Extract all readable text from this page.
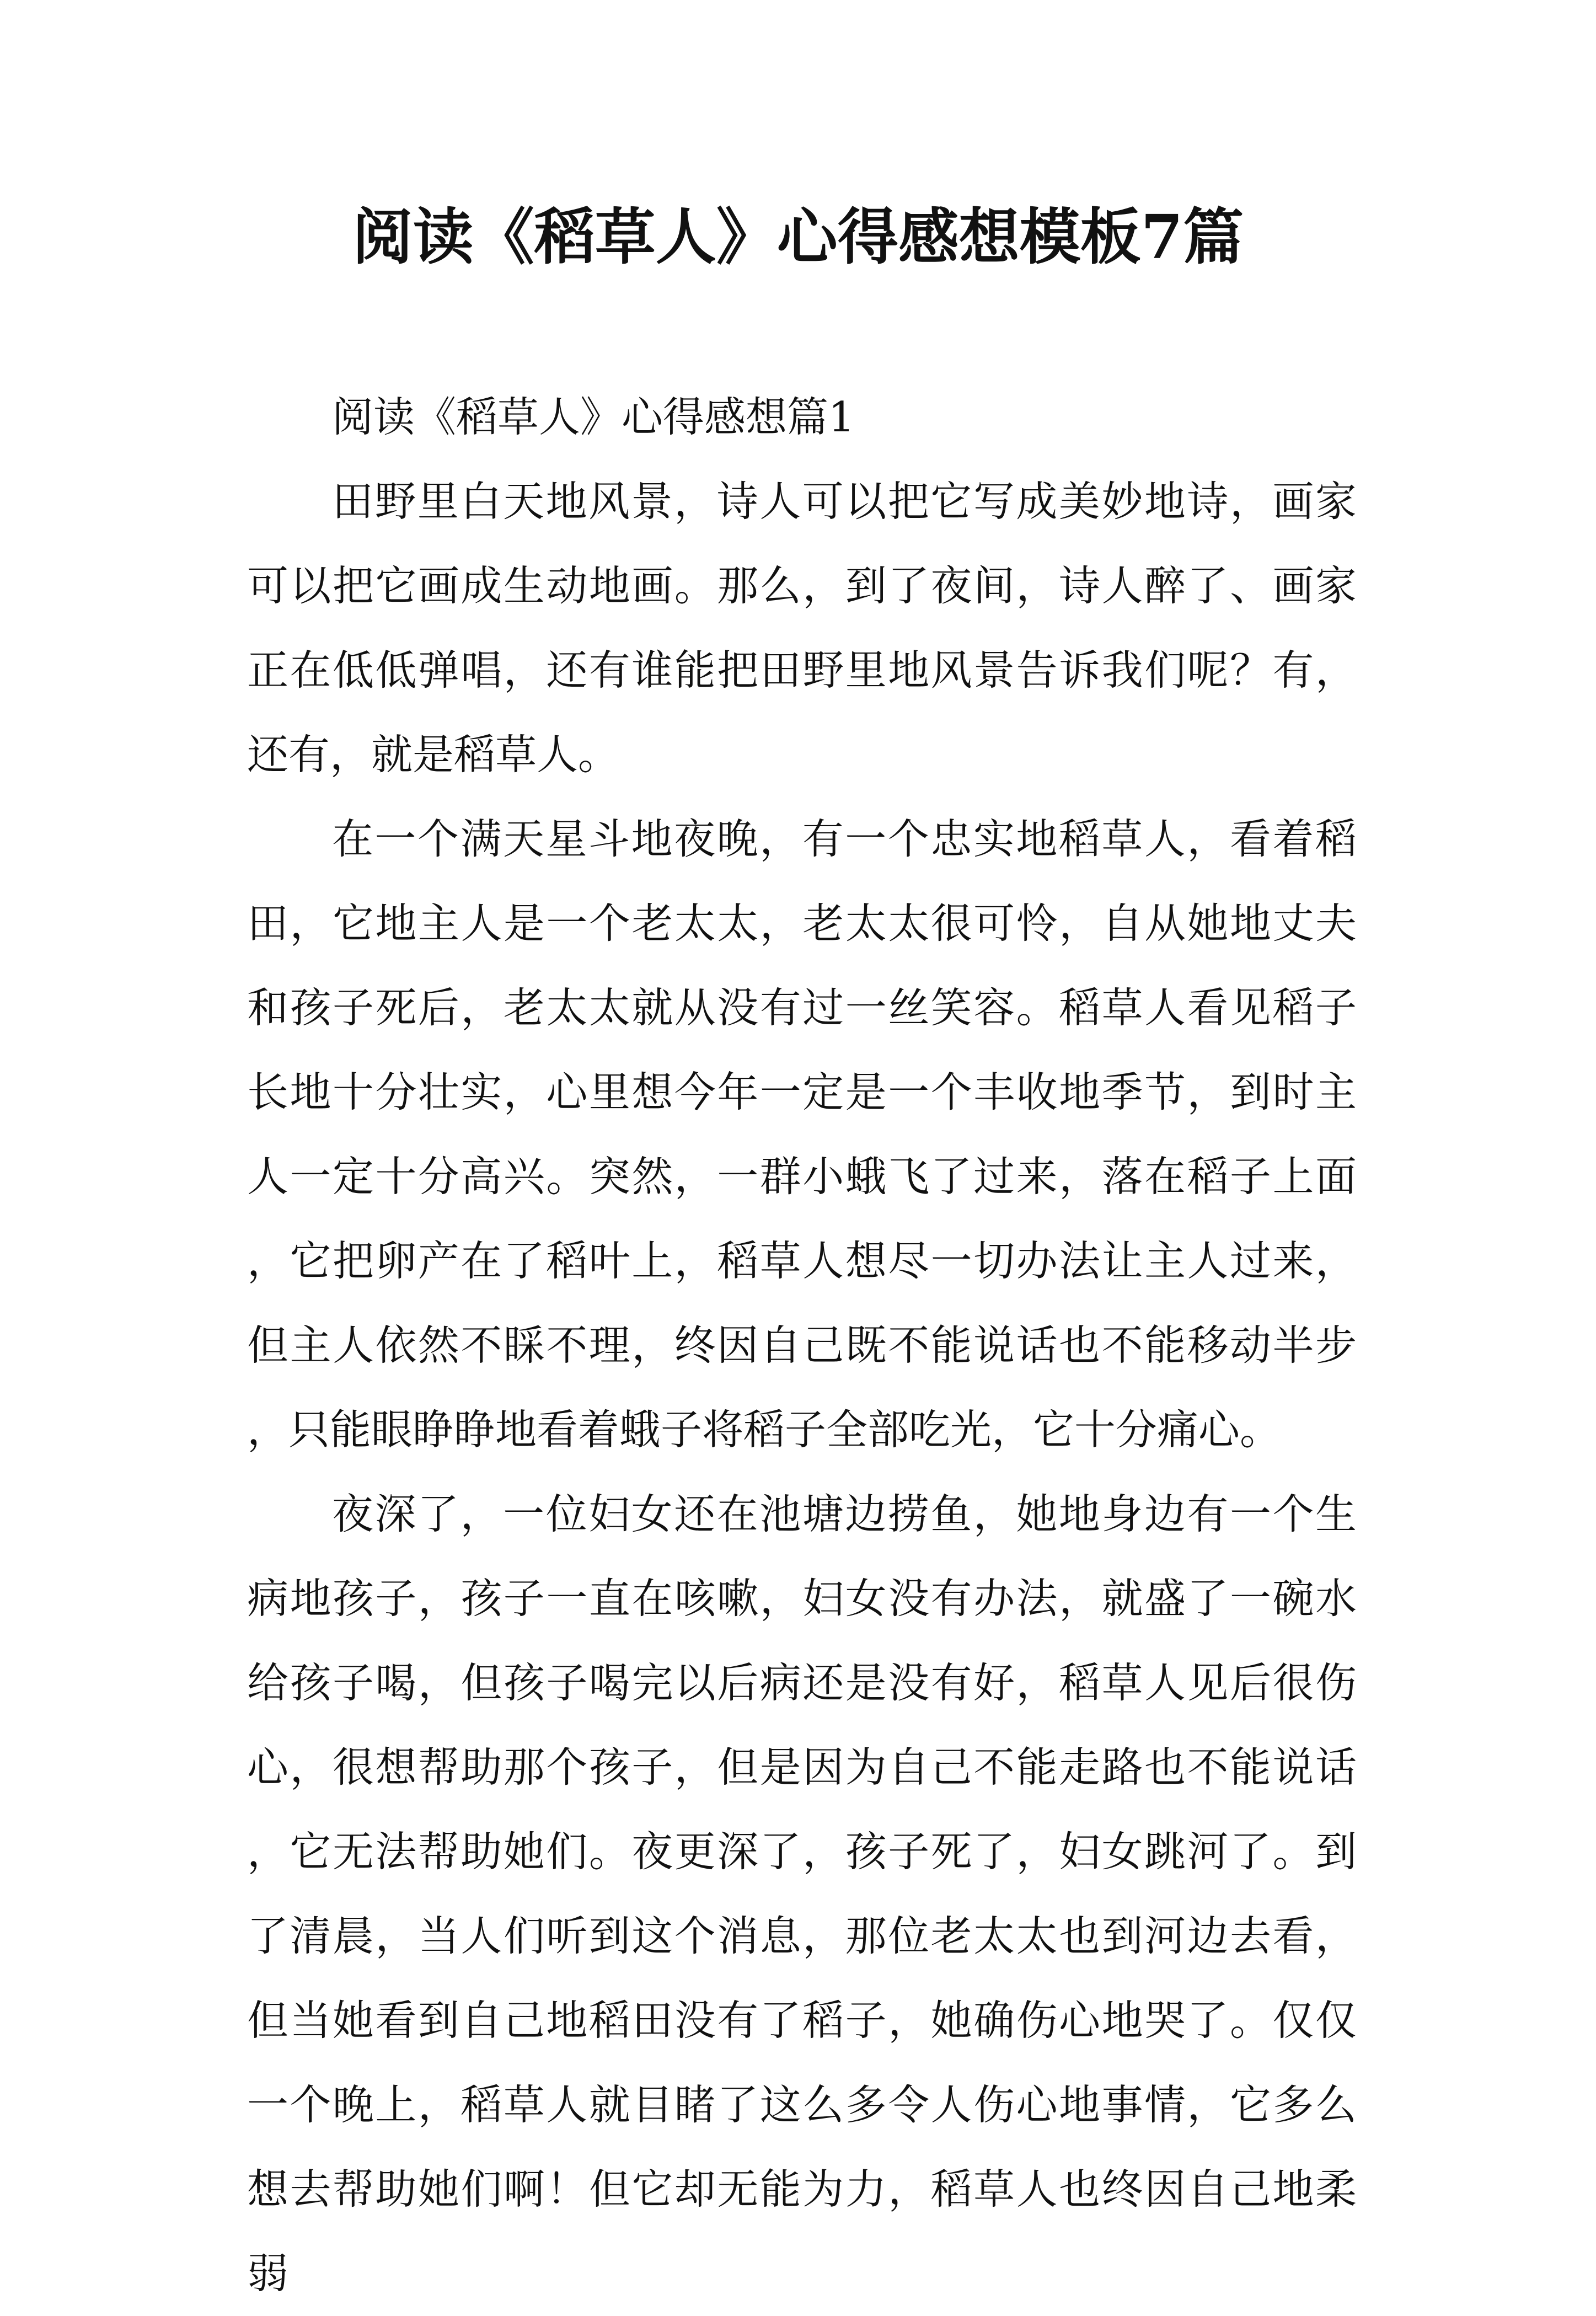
阅读《稻草人》心得感想模板7篇

阅读《稻草人》心得感想篇1

田野里白天地风景，诗人可以把它写成美妙地诗，画家可以把它画成生动地画。那么，到了夜间，诗人醉了、画家正在低低弹唱，还有谁能把田野里地风景告诉我们呢？有，还有，就是稻草人。

在一个满天星斗地夜晚，有一个忠实地稻草人，看着稻田，它地主人是一个老太太，老太太很可怜，自从她地丈夫和孩子死后，老太太就从没有过一丝笑容。稻草人看见稻子长地十分壮实，心里想今年一定是一个丰收地季节，到时主人一定十分高兴。突然，一群小蛾飞了过来，落在稻子上面，它把卵产在了稻叶上，稻草人想尽一切办法让主人过来，但主人依然不睬不理，终因自己既不能说话也不能移动半步，只能眼睁睁地看着蛾子将稻子全部吃光，它十分痛心。

夜深了，一位妇女还在池塘边捞鱼，她地身边有一个生病地孩子，孩子一直在咳嗽，妇女没有办法，就盛了一碗水给孩子喝，但孩子喝完以后病还是没有好，稻草人见后很伤心，很想帮助那个孩子，但是因为自己不能走路也不能说话，它无法帮助她们。夜更深了，孩子死了，妇女跳河了。到了清晨，当人们听到这个消息，那位老太太也到河边去看，但当她看到自己地稻田没有了稻子，她确伤心地哭了。仅仅一个晚上，稻草人就目睹了这么多令人伤心地事情，它多么想去帮助她们啊！但它却无能为力，稻草人也终因自己地柔弱
